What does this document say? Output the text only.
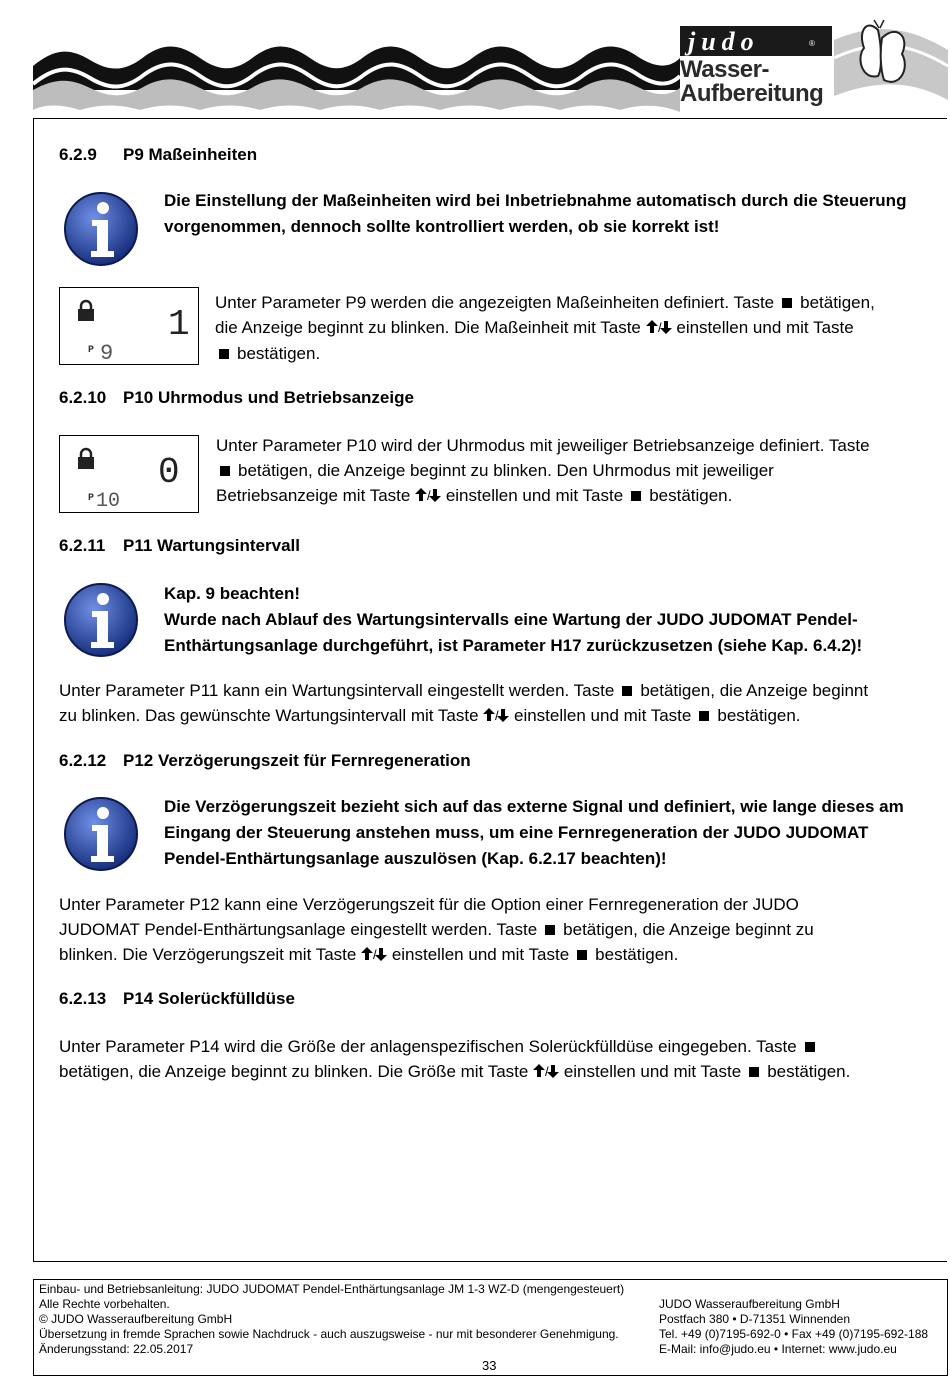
judo	®
Wasser-
Aufbereitung
6.2.9 P9 Maßeinheiten
Die Einstellung der Maßeinheiten wird bei Inbetriebnahme automatisch durch die Steuerung vorgenommen, dennoch sollte kontrolliert werden, ob sie korrekt ist!
P 9
1
Unter Parameter P9 werden die angezeigten Maßeinheiten definiert. Taste betätigen,
die Anzeige beginnt zu blinken. Die Maßeinheit mit Taste / einstellen und mit Taste
bestätigen.
6.2.10 P10 Uhrmodus und Betriebsanzeige
P 10
0
Unter Parameter P10 wird der Uhrmodus mit jeweiliger Betriebsanzeige definiert. Taste
betätigen, die Anzeige beginnt zu blinken. Den Uhrmodus mit jeweiliger
Betriebsanzeige mit Taste / einstellen und mit Taste bestätigen.
6.2.11 P11 Wartungsintervall
Kap. 9 beachten!
Wurde nach Ablauf des Wartungsintervalls eine Wartung der JUDO JUDOMAT Pendel-Enthärtungsanlage durchgeführt, ist Parameter H17 zurückzusetzen (siehe Kap. 6.4.2)!
Unter Parameter P11 kann ein Wartungsintervall eingestellt werden. Taste betätigen, die Anzeige beginnt
zu blinken. Das gewünschte Wartungsintervall mit Taste / einstellen und mit Taste bestätigen.
6.2.12 P12 Verzögerungszeit für Fernregeneration
Die Verzögerungszeit bezieht sich auf das externe Signal und definiert, wie lange dieses am Eingang der Steuerung anstehen muss, um eine Fernregeneration der JUDO JUDOMAT Pendel-Enthärtungsanlage auszulösen (Kap. 6.2.17 beachten)!
Unter Parameter P12 kann eine Verzögerungszeit für die Option einer Fernregeneration der JUDO
JUDOMAT Pendel-Enthärtungsanlage eingestellt werden. Taste betätigen, die Anzeige beginnt zu
blinken. Die Verzögerungszeit mit Taste / einstellen und mit Taste bestätigen.
6.2.13 P14 Solerückfülldüse
Unter Parameter P14 wird die Größe der anlagenspezifischen Solerückfülldüse eingegeben. Taste
betätigen, die Anzeige beginnt zu blinken. Die Größe mit Taste / einstellen und mit Taste bestätigen.
Einbau- und Betriebsanleitung: JUDO JUDOMAT Pendel-Enthärtungsanlage JM 1-3 WZ-D (mengengesteuert)
Alle Rechte vorbehalten.
© JUDO Wasseraufbereitung GmbH
Übersetzung in fremde Sprachen sowie Nachdruck - auch auszugsweise - nur mit besonderer Genehmigung.
Änderungsstand: 22.05.2017
JUDO Wasseraufbereitung GmbH
Postfach 380 • D-71351 Winnenden
Tel. +49 (0)7195-692-0 • Fax +49 (0)7195-692-188
E-Mail: info@judo.eu • Internet: www.judo.eu
33
